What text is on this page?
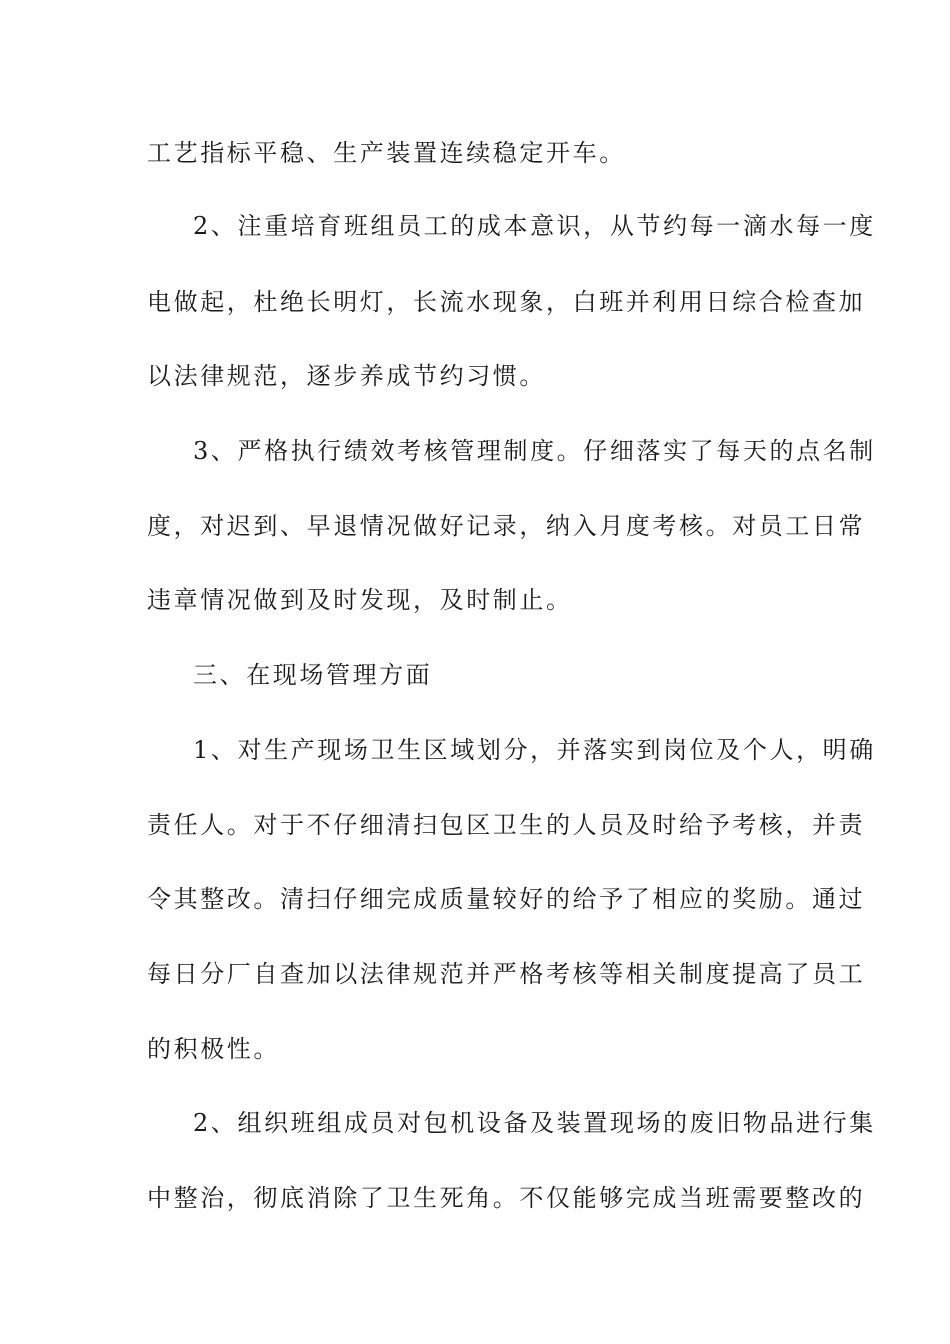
工艺指标平稳、生产装置连续稳定开车。
2、注重培育班组员工的成本意识，从节约每一滴水每一度
电做起，杜绝长明灯，长流水现象，白班并利用日综合检查加
以法律规范，逐步养成节约习惯。
3、严格执行绩效考核管理制度。仔细落实了每天的点名制
度，对迟到、早退情况做好记录，纳入月度考核。对员工日常
违章情况做到及时发现，及时制止。
三、在现场管理方面
1、对生产现场卫生区域划分，并落实到岗位及个人，明确
责任人。对于不仔细清扫包区卫生的人员及时给予考核，并责
令其整改。清扫仔细完成质量较好的给予了相应的奖励。通过
每日分厂自查加以法律规范并严格考核等相关制度提高了员工
的积极性。
2、组织班组成员对包机设备及装置现场的废旧物品进行集
中整治，彻底消除了卫生死角。不仅能够完成当班需要整改的
